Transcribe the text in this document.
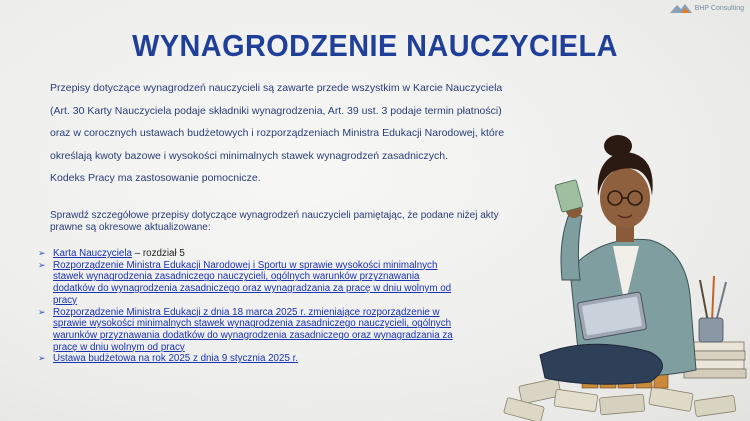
BHP Consulting
WYNAGRODZENIE NAUCZYCIELA
Przepisy dotyczące wynagrodzeń nauczycieli są zawarte przede wszystkim w Karcie Nauczyciela
(Art. 30 Karty Nauczyciela podaje składniki wynagrodzenia, Art. 39 ust. 3 podaje termin płatności)
oraz w corocznych ustawach budżetowych i rozporządzeniach Ministra Edukacji Narodowej, które
określają kwoty bazowe i wysokości minimalnych stawek wynagrodzeń zasadniczych.
Kodeks Pracy ma zastosowanie pomocnicze.
Sprawdź szczegółowe przepisy dotyczące wynagrodzeń nauczycieli pamiętając, że podane niżej akty prawne są okresowe aktualizowane:
➢ Karta Nauczyciela – rozdział 5
➢ Rozporządzenie Ministra Edukacji Narodowej i Sportu w sprawie wysokości minimalnych stawek wynagrodzenia zasadniczego nauczycieli, ogólnych warunków przyznawania dodatków do wynagrodzenia zasadniczego oraz wynagradzania za pracę w dniu wolnym od pracy
➢ Rozporządzenie Ministra Edukacji z dnia 18 marca 2025 r. zmieniające rozporządzenie w sprawie wysokości minimalnych stawek wynagrodzenia zasadniczego nauczycieli, ogólnych warunków przyznawania dodatków do wynagrodzenia zasadniczego oraz wynagradzania za pracę w dniu wolnym od pracy
➢ Ustawa budżetowa na rok 2025 z dnia 9 stycznia 2025 r.
